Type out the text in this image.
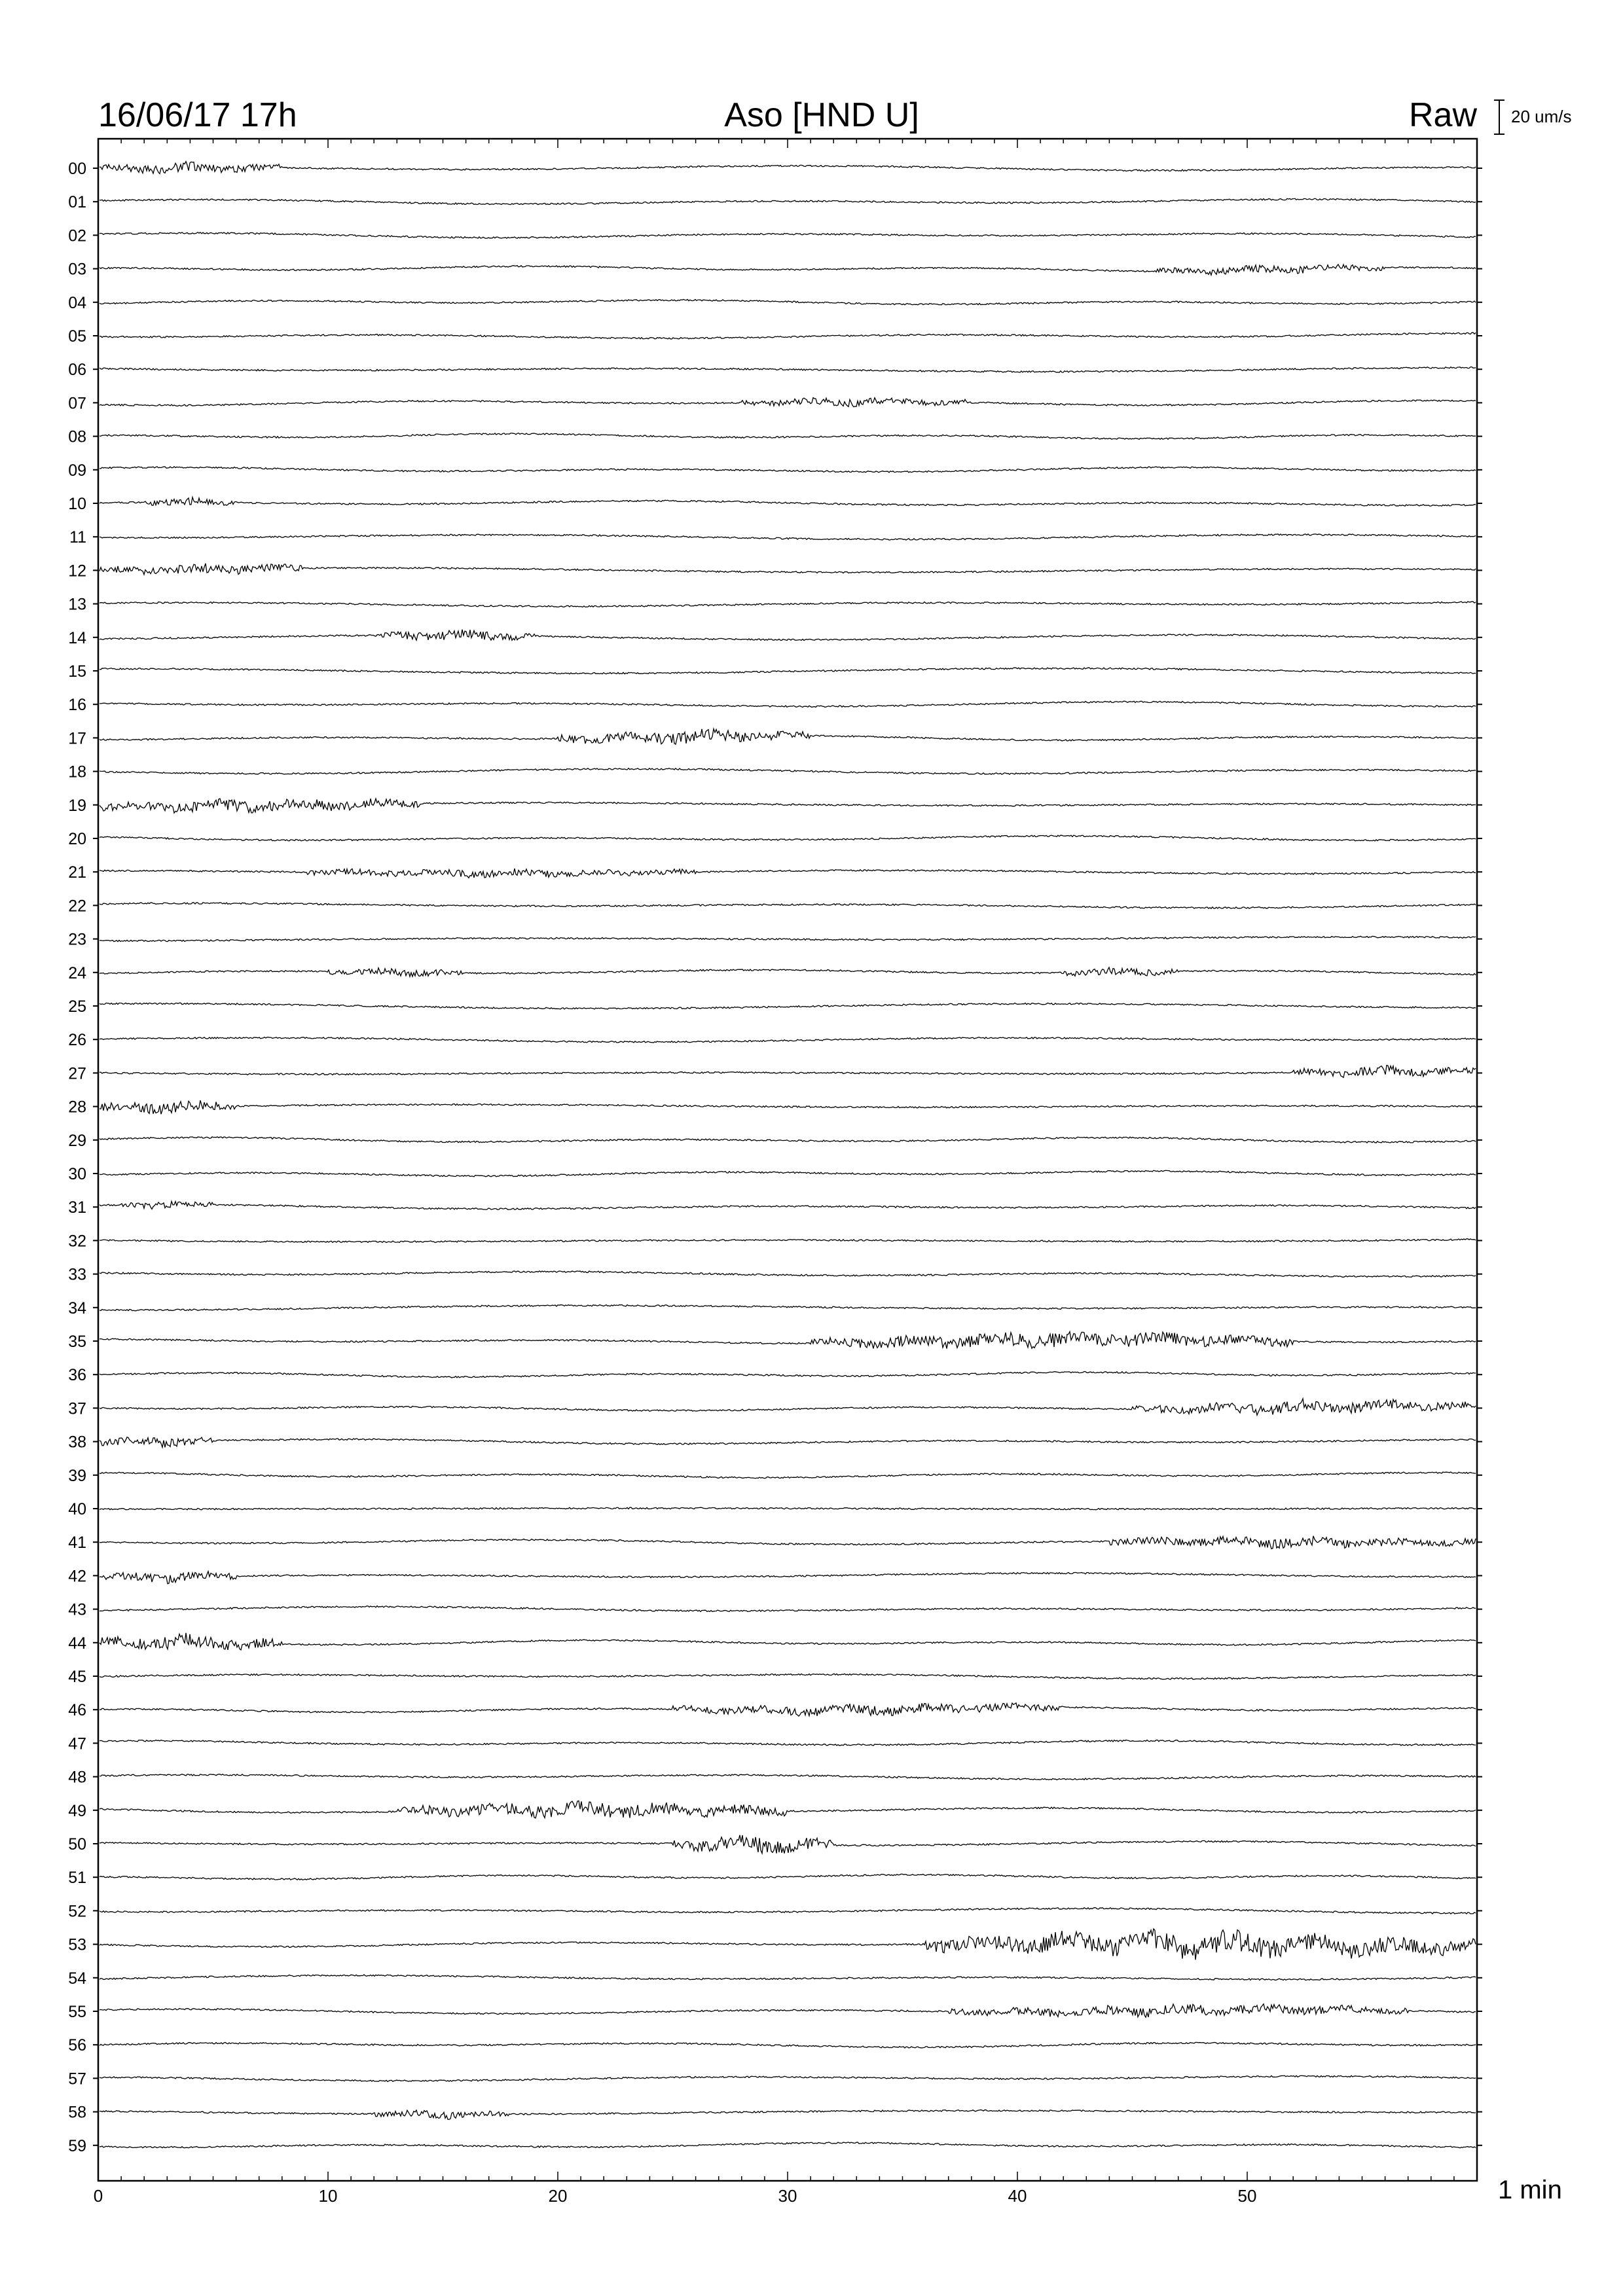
16/06/17 17h	Aso [HND U]	Raw 20 um/s
00
01
02
03
04
05
06
07
08
09
10
11
12
13
14
15
16
17
18
19
20
21
22
23
24
25
26
27
28
29
30
31
32
33
34
35
36
37
38
39
40
41
42
43
44
45
46
47
48
49
50
51
52
53
54
55
56
57
58
59
0	10	20	30	40	50	1 min
